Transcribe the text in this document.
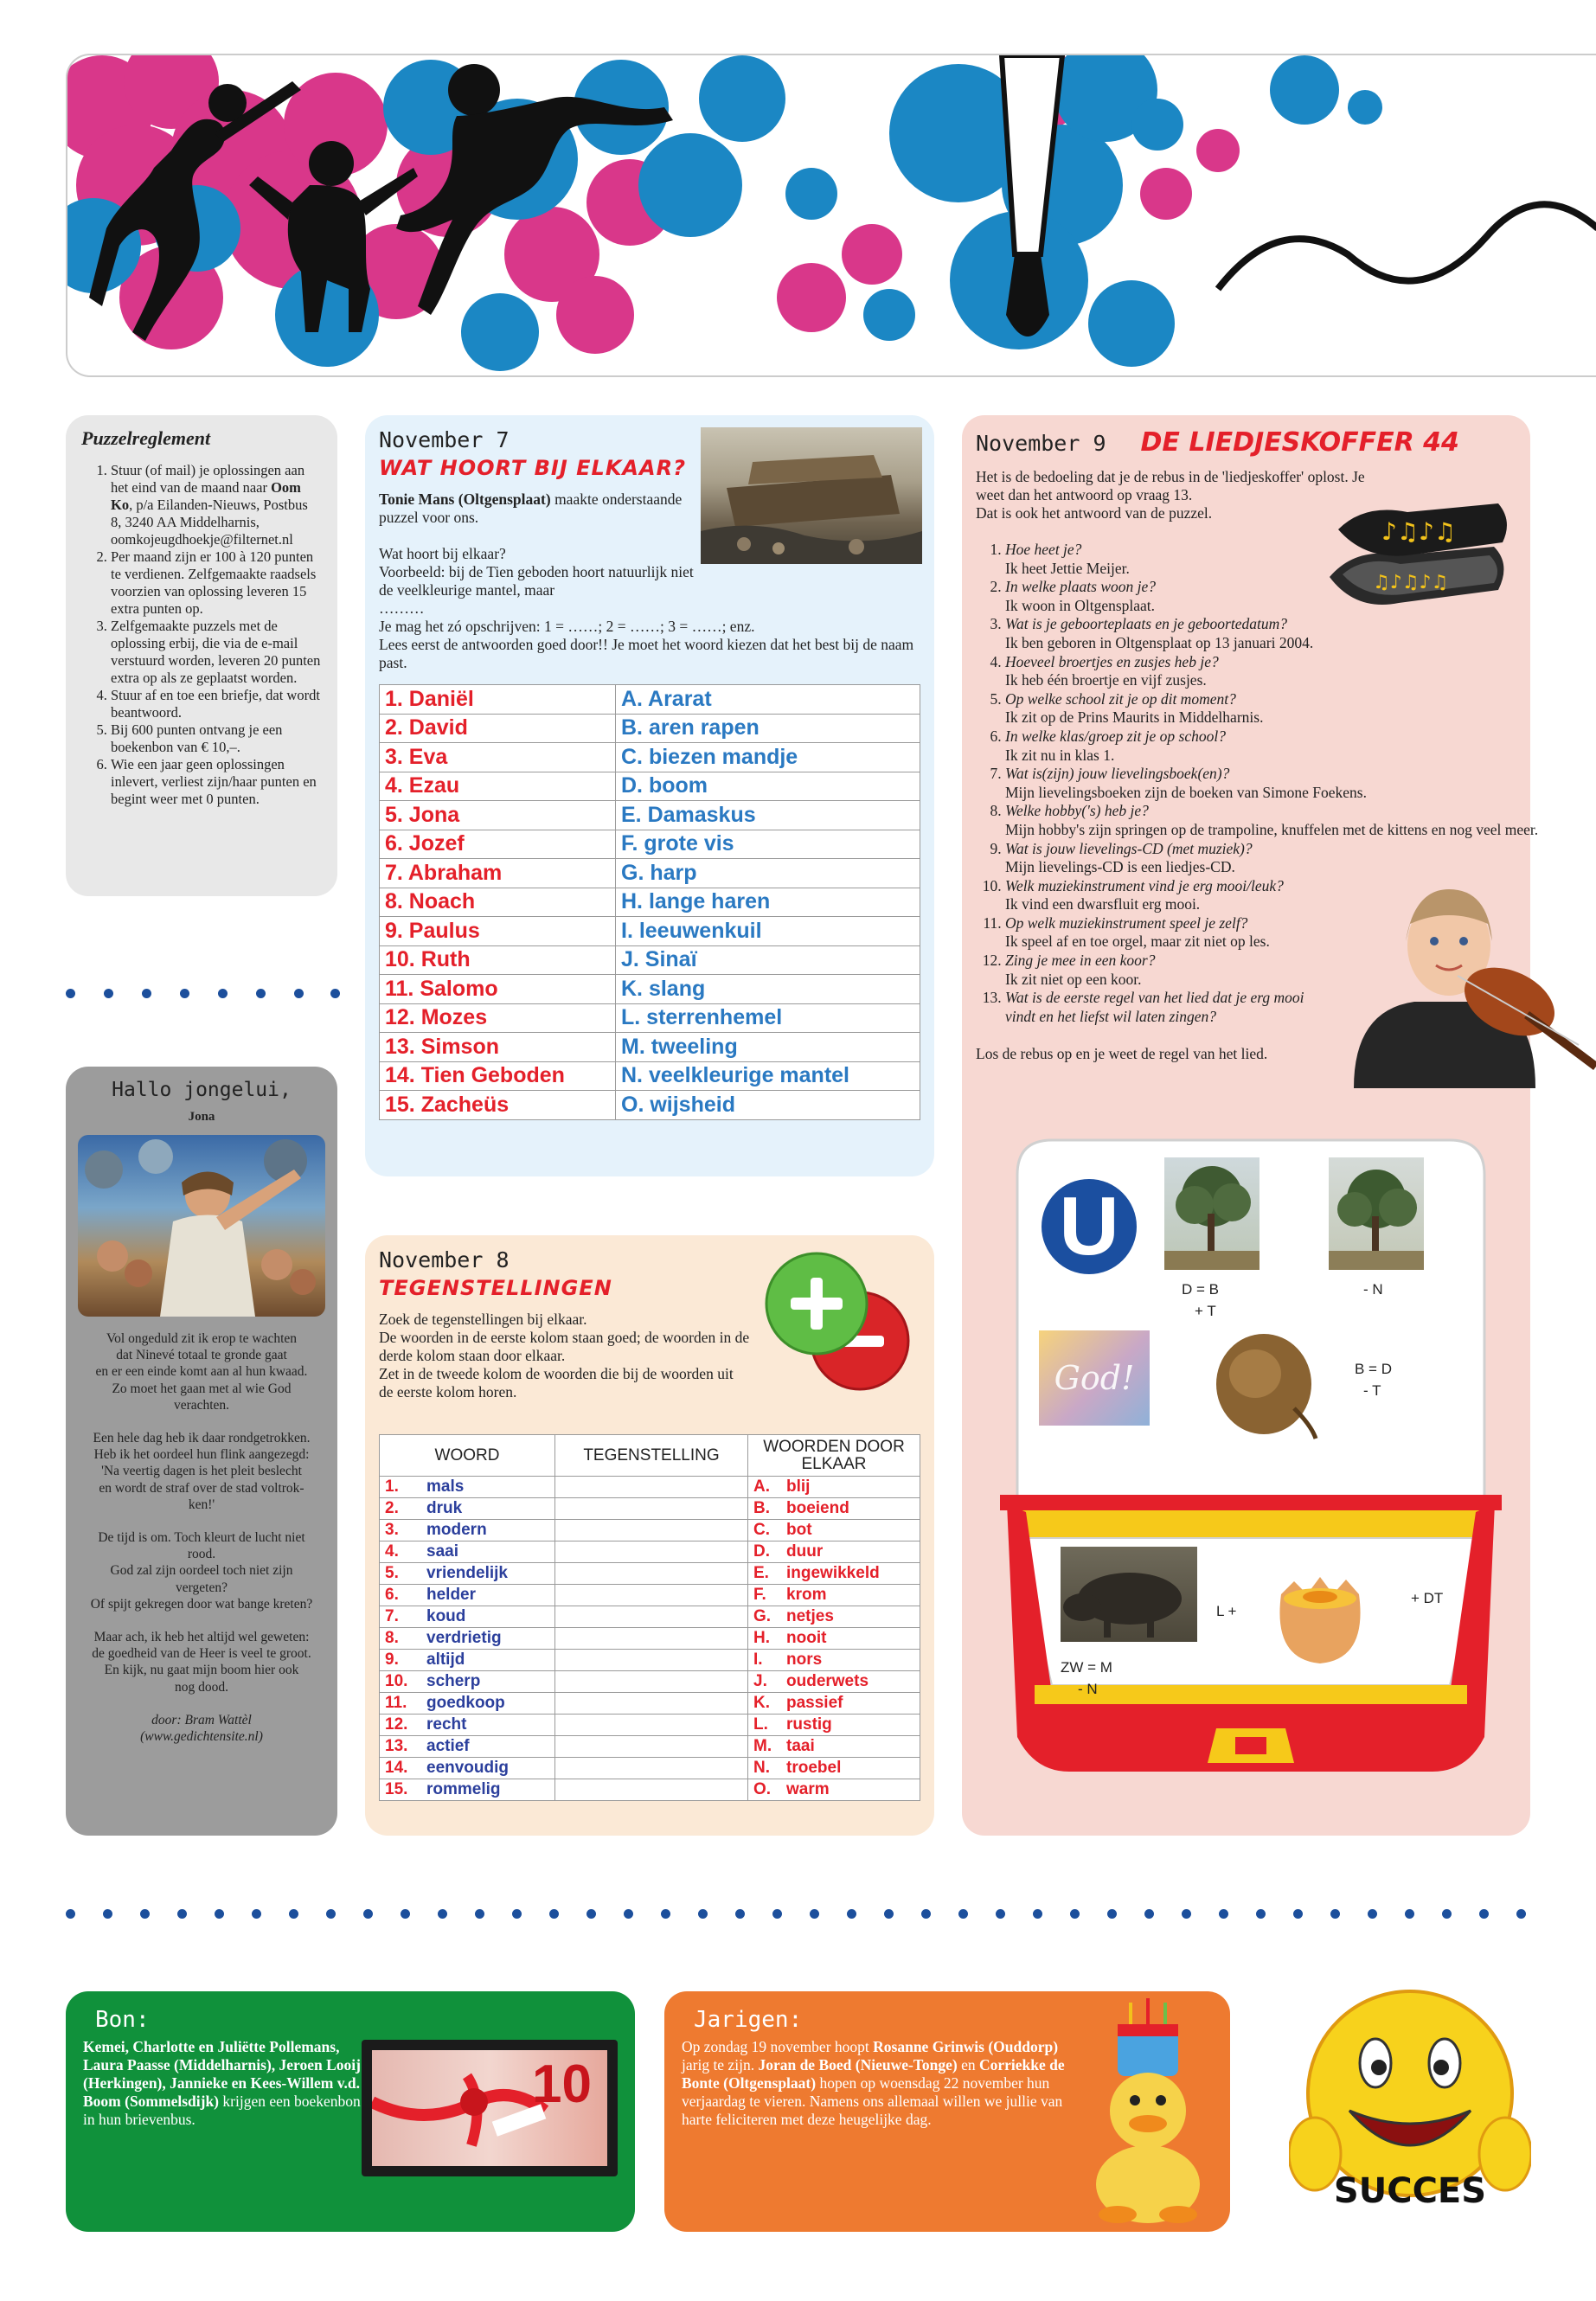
Puzzelreglement
1. Stuur (of mail) je oplossingen aan het eind van de maand naar Oom Ko, p/a Eilanden-Nieuws, Postbus 8, 3240 AA Middelharnis, oomkojeugdhoekje@filternet.nl
2. Per maand zijn er 100 à 120 punten te verdienen. Zelfgemaakte raadsels voorzien van oplossing leveren 15 extra punten op.
3. Zelfgemaakte puzzels met de oplossing erbij, die via de e-mail verstuurd worden, leveren 20 punten extra op als ze geplaatst worden.
4. Stuur af en toe een briefje, dat wordt beantwoord.
5. Bij 600 punten ontvang je een boekenbon van € 10,–.
6. Wie een jaar geen oplossingen inlevert, verliest zijn/haar punten en begint weer met 0 punten.
Hallo jongelui,
Jona
Vol ongeduld zit ik erop te wachten
dat Ninevé totaal te gronde gaat
en er een einde komt aan al hun kwaad.
Zo moet het gaan met al wie God
verachten.
Een hele dag heb ik daar rondgetrokken.
Heb ik het oordeel hun flink aangezegd:
'Na veertig dagen is het pleit beslecht
en wordt de straf over de stad voltrok-
ken!'
De tijd is om. Toch kleurt de lucht niet
rood.
God zal zijn oordeel toch niet zijn
vergeten?
Of spijt gekregen door wat bange kreten?
Maar ach, ik heb het altijd wel geweten:
de goedheid van de Heer is veel te groot.
En kijk, nu gaat mijn boom hier ook
nog dood.
door: Bram Wattèl
(www.gedichtensite.nl)

November 7

WAT HOORT BIJ ELKAAR?

Tonie Mans (Oltgensplaat) maakte onderstaande puzzel voor ons.
Wat hoort bij elkaar?
Voorbeeld: bij de Tien geboden hoort natuurlijk niet de veelkleurige mantel, maar
………
Je mag het zó opschrijven: 1 = ……; 2 = ……; 3 = ……; enz.
Lees eerst de antwoorden goed door!! Je moet het woord kiezen dat het best bij de naam past.
1. Daniël	A. Ararat
2. David	B. aren rapen
3. Eva	C. biezen mandje
4. Ezau	D. boom
5. Jona	E. Damaskus
6. Jozef	F. grote vis
7. Abraham	G. harp
8. Noach	H. lange haren
9. Paulus	I. leeuwenkuil
10. Ruth	J. Sinaï
11. Salomo	K. slang
12. Mozes	L. sterrenhemel
13. Simson	M. tweeling
14. Tien Geboden	N. veelkleurige mantel
15. Zacheüs	O. wijsheid

November 8

TEGENSTELLINGEN

Zoek de tegenstellingen bij elkaar.
De woorden in de eerste kolom staan goed; de woorden in de derde kolom staan door elkaar.
Zet in de tweede kolom de woorden die bij de woorden uit de eerste kolom horen.
WOORD	TEGENSTELLING	WOORDEN DOOR ELKAAR
1. mals		A. blij
2. druk		B. boeiend
3. modern		C. bot
4. saai		D. duur
5. vriendelijk		E. ingewikkeld
6. helder		F. krom
7. koud		G. netjes
8. verdrietig		H. nooit
9. altijd		I. nors
10. scherp		J. ouderwets
11. goedkoop		K. passief
12. recht		L. rustig
13. actief		M. taai
14. eenvoudig		N. troebel
15. rommelig		O. warm

November 9 DE LIEDJESKOFFER 44

Het is de bedoeling dat je de rebus in de 'liedjeskoffer' oplost. Je weet dan het antwoord op vraag 13.
Dat is ook het antwoord van de puzzel.
♪♫♪♫
♫♪♫♪♫
1. Hoe heet je?
Ik heet Jettie Meijer.
2. In welke plaats woon je?
Ik woon in Oltgensplaat.
3. Wat is je geboorteplaats en je geboortedatum?
Ik ben geboren in Oltgensplaat op 13 januari 2004.
4. Hoeveel broertjes en zusjes heb je?
Ik heb één broertje en vijf zusjes.
5. Op welke school zit je op dit moment?
Ik zit op de Prins Maurits in Middelharnis.
6. In welke klas/groep zit je op school?
Ik zit nu in klas 1.
7. Wat is(zijn) jouw lievelingsboek(en)?
Mijn lievelingsboeken zijn de boeken van Simone Foekens.
8. Welke hobby('s) heb je?
Mijn hobby's zijn springen op de trampoline, knuffelen met de kittens en nog veel meer.
9. Wat is jouw lievelings-CD (met muziek)?
Mijn lievelings-CD is een liedjes-CD.
10. Welk muziekinstrument vind je erg mooi/leuk?
Ik vind een dwarsfluit erg mooi.
11. Op welk muziekinstrument speel je zelf?
Ik speel af en toe orgel, maar zit niet op les.
12. Zing je mee in een koor?
Ik zit niet op een koor.
13. Wat is de eerste regel van het lied dat je erg mooi vindt en het liefst wil laten zingen?
Los de rebus op en je weet de regel van het lied.
U
D = B
+ T
- N
God!	B = D
- T
ZW = M
- N
L +
+ DT

Bon:

Kemei, Charlotte en Juliëtte Pollemans, Laura Paasse (Middelharnis), Jeroen Looij (Herkingen), Jannieke en Kees-Willem v.d. Boom (Sommelsdijk) krijgen een boekenbon in hun brievenbus.
10

Jarigen:

Op zondag 19 november hoopt Rosanne Grinwis (Ouddorp) jarig te zijn. Joran de Boed (Nieuwe-Tonge) en Corriekke de Bonte (Oltgensplaat) hopen op woensdag 22 november hun verjaardag te vieren. Namens ons allemaal willen we jullie van harte feliciteren met deze heugelijke dag.
SUCCES
